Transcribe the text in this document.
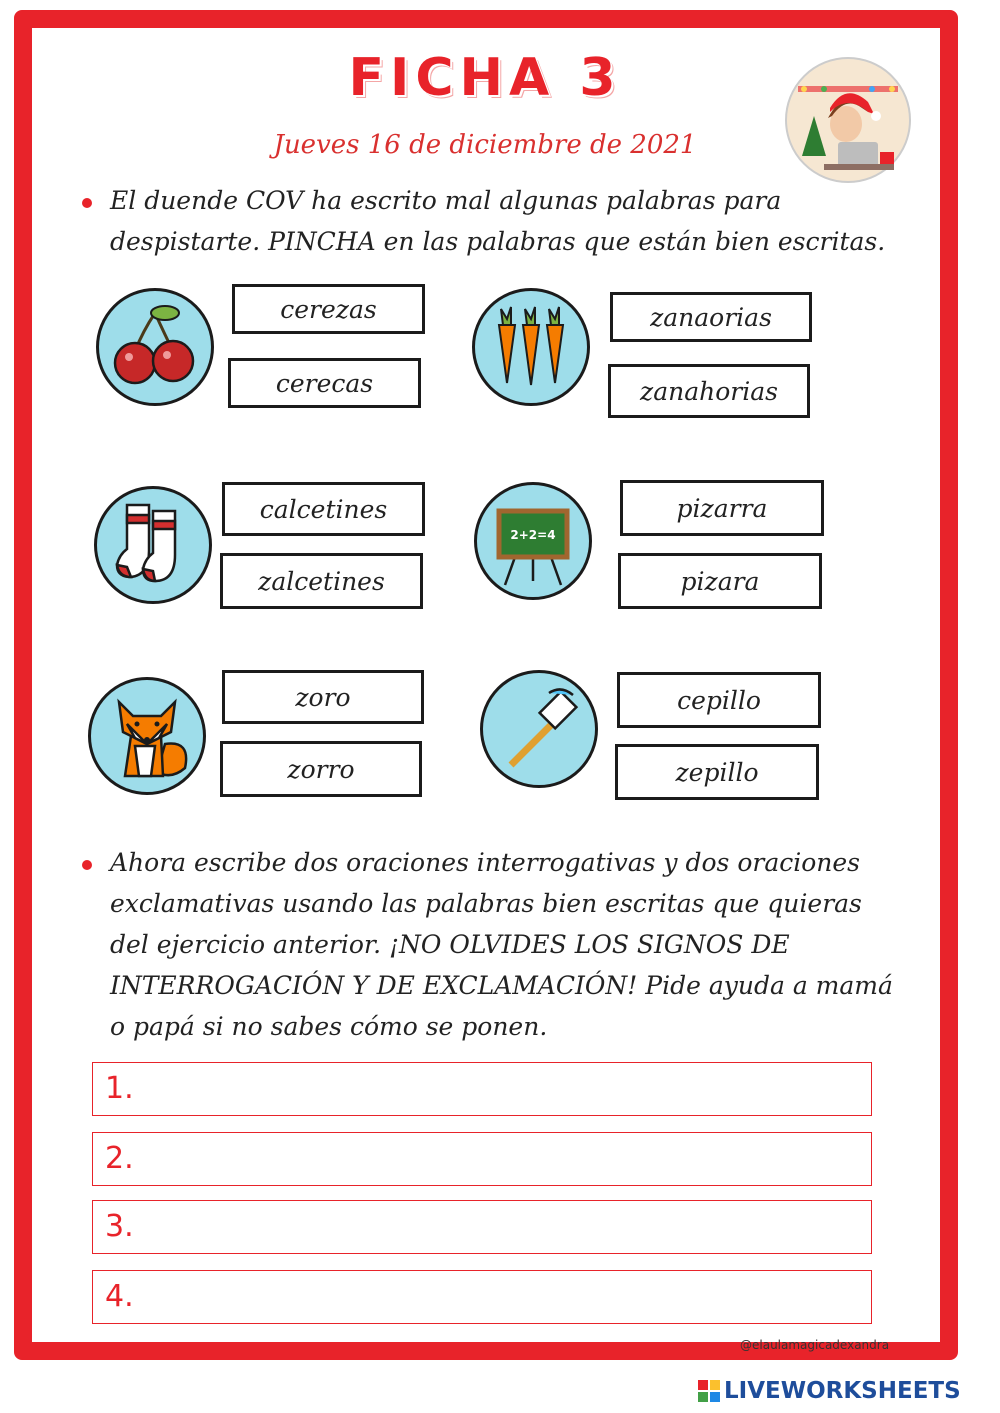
FICHA 3
Jueves 16 de diciembre de 2021
El duende COV ha escrito mal algunas palabras para despistarte. PINCHA en las palabras que están bien escritas.
cerezas
cerecas
zanaorias
zanahorias
calcetines
zalcetines
2+2=4
pizarra
pizara
zoro
zorro
cepillo
zepillo
Ahora escribe dos oraciones interrogativas y dos oraciones exclamativas usando las palabras bien escritas que quieras del ejercicio anterior. ¡NO OLVIDES LOS SIGNOS DE INTERROGACIÓN Y DE EXCLAMACIÓN! Pide ayuda a mamá o papá si no sabes cómo se ponen.
1.
2.
3.
4.
@elaulamagicadexandra
LIVEWORKSHEETS
